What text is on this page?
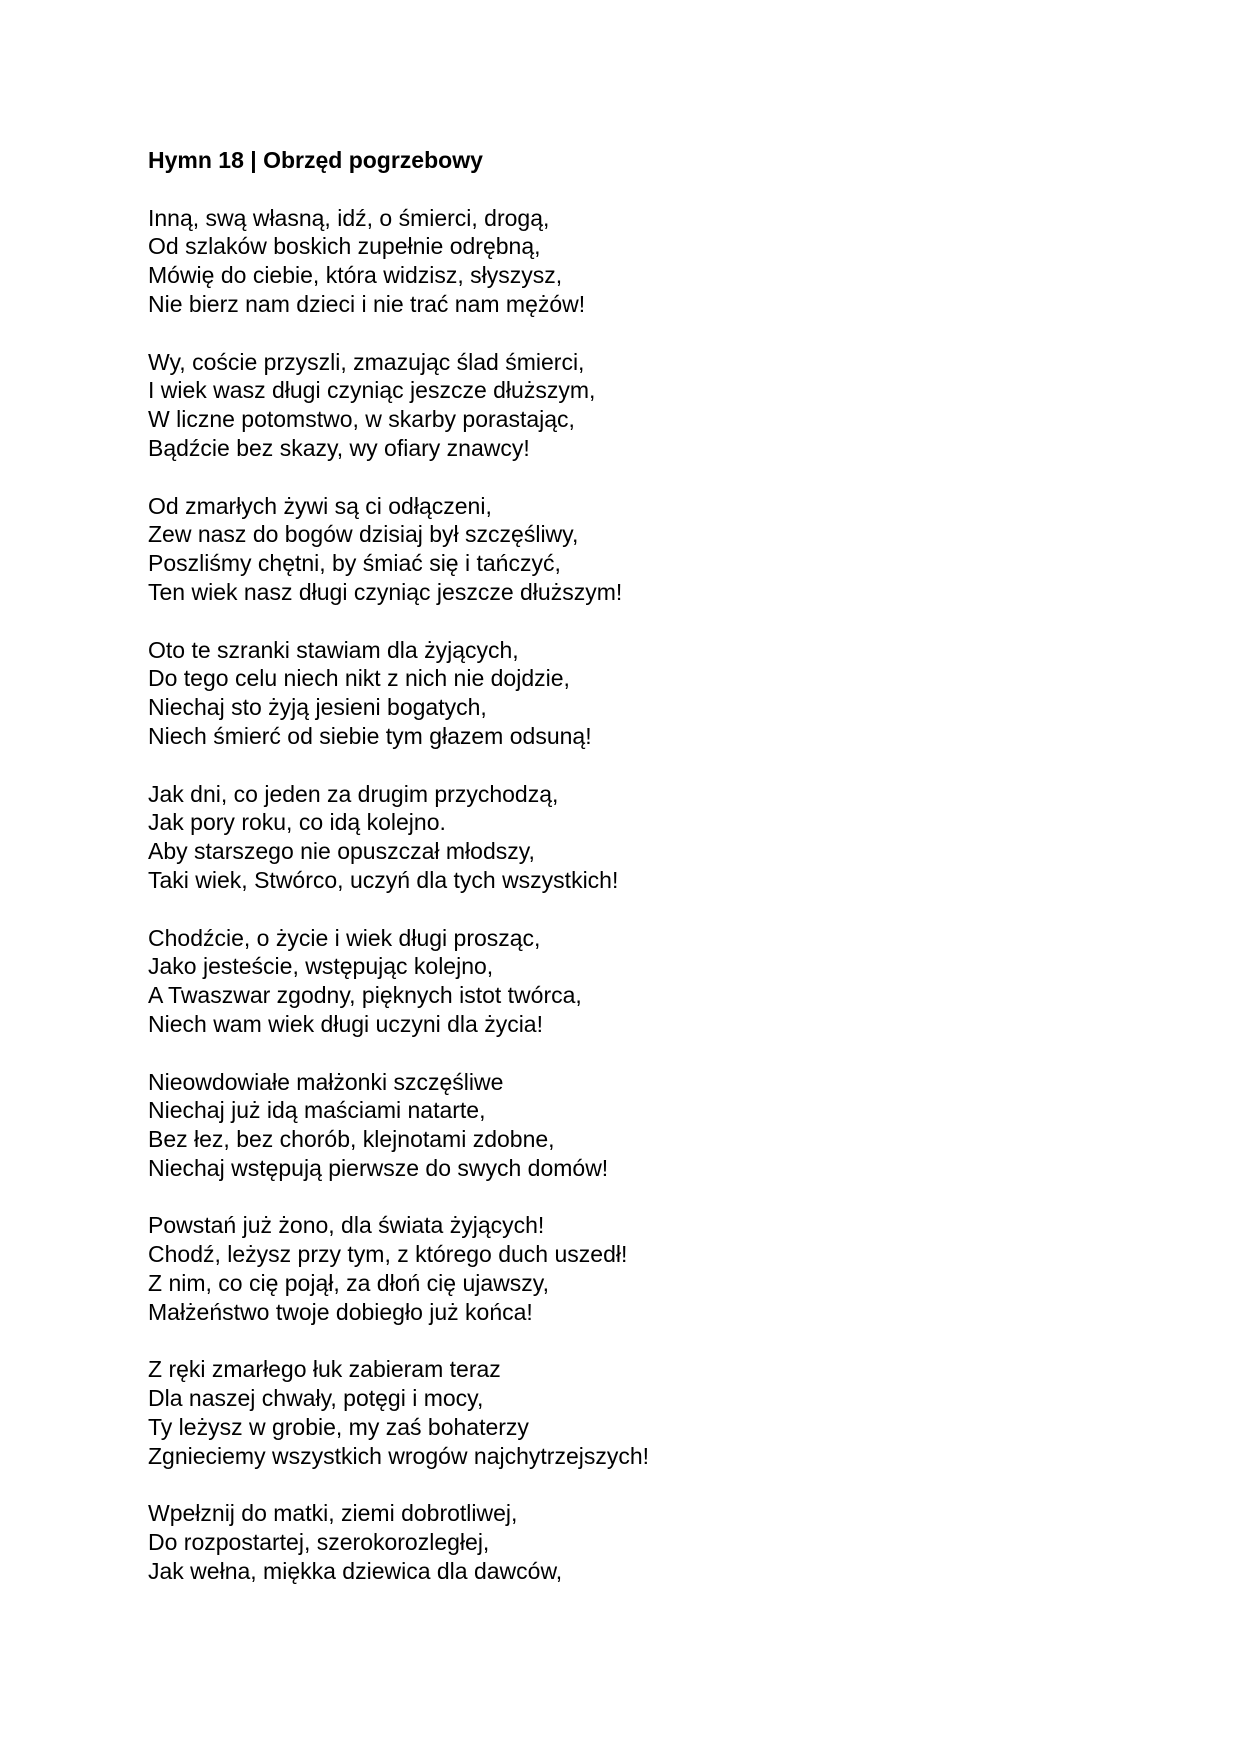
Hymn 18 | Obrzęd pogrzebowy
Inną, swą własną, idź, o śmierci, drogą,
Od szlaków boskich zupełnie odrębną,
Mówię do ciebie, która widzisz, słyszysz,
Nie bierz nam dzieci i nie trać nam mężów!
Wy, coście przyszli, zmazując ślad śmierci,
I wiek wasz długi czyniąc jeszcze dłuższym,
W liczne potomstwo, w skarby porastając,
Bądźcie bez skazy, wy ofiary znawcy!
Od zmarłych żywi są ci odłączeni,
Zew nasz do bogów dzisiaj był szczęśliwy,
Poszliśmy chętni, by śmiać się i tańczyć,
Ten wiek nasz długi czyniąc jeszcze dłuższym!
Oto te szranki stawiam dla żyjących,
Do tego celu niech nikt z nich nie dojdzie,
Niechaj sto żyją jesieni bogatych,
Niech śmierć od siebie tym głazem odsuną!
Jak dni, co jeden za drugim przychodzą,
Jak pory roku, co idą kolejno.
Aby starszego nie opuszczał młodszy,
Taki wiek, Stwórco, uczyń dla tych wszystkich!
Chodźcie, o życie i wiek długi prosząc,
Jako jesteście, wstępując kolejno,
A Twaszwar zgodny, pięknych istot twórca,
Niech wam wiek długi uczyni dla życia!
Nieowdowiałe małżonki szczęśliwe
Niechaj już idą maściami natarte,
Bez łez, bez chorób, klejnotami zdobne,
Niechaj wstępują pierwsze do swych domów!
Powstań już żono, dla świata żyjących!
Chodź, leżysz przy tym, z którego duch uszedł!
Z nim, co cię pojął, za dłoń cię ujawszy,
Małżeństwo twoje dobiegło już końca!
Z ręki zmarłego łuk zabieram teraz
Dla naszej chwały, potęgi i mocy,
Ty leżysz w grobie, my zaś bohaterzy
Zgnieciemy wszystkich wrogów najchytrzejszych!
Wpełznij do matki, ziemi dobrotliwej,
Do rozpostartej, szerokorozległej,
Jak wełna, miękka dziewica dla dawców,
